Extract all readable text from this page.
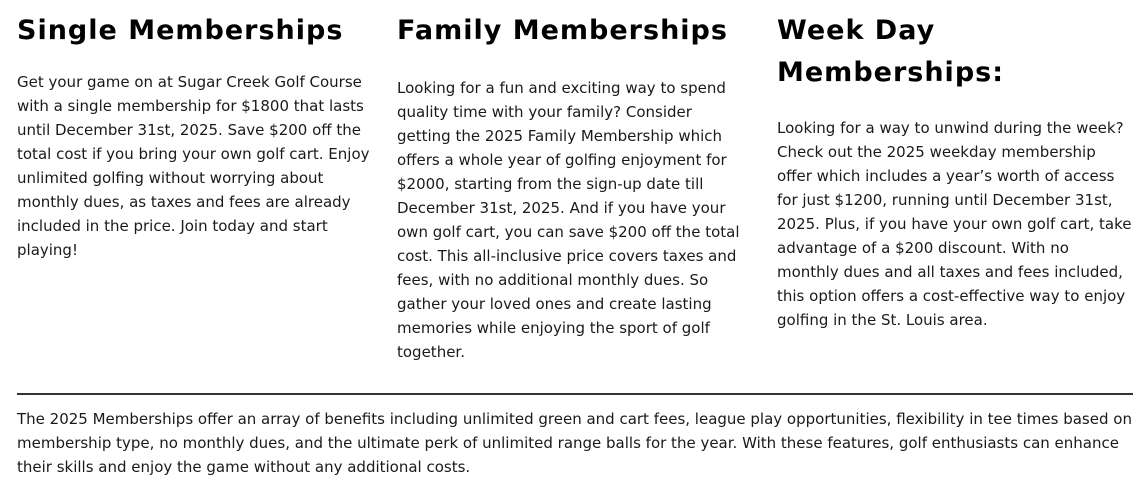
Single Memberships

Get your game on at Sugar Creek Golf Course with a single membership for $1800 that lasts until December 31st, 2025. Save $200 off the total cost if you bring your own golf cart. Enjoy unlimited golfing without worrying about monthly dues, as taxes and fees are already included in the price. Join today and start playing!

Family Memberships

Looking for a fun and exciting way to spend quality time with your family? Consider getting the 2025 Family Membership which offers a whole year of golfing enjoyment for $2000, starting from the sign-up date till December 31st, 2025. And if you have your own golf cart, you can save $200 off the total cost. This all-inclusive price covers taxes and fees, with no additional monthly dues. So gather your loved ones and create lasting memories while enjoying the sport of golf together.

Week Day Memberships:

Looking for a way to unwind during the week? Check out the 2025 weekday membership offer which includes a year’s worth of access for just $1200, running until December 31st, 2025. Plus, if you have your own golf cart, take advantage of a $200 discount. With no monthly dues and all taxes and fees included, this option offers a cost-effective way to enjoy golfing in the St. Louis area.

The 2025 Memberships offer an array of benefits including unlimited green and cart fees, league play opportunities, flexibility in tee times based on membership type, no monthly dues, and the ultimate perk of unlimited range balls for the year. With these features, golf enthusiasts can enhance their skills and enjoy the game without any additional costs.
